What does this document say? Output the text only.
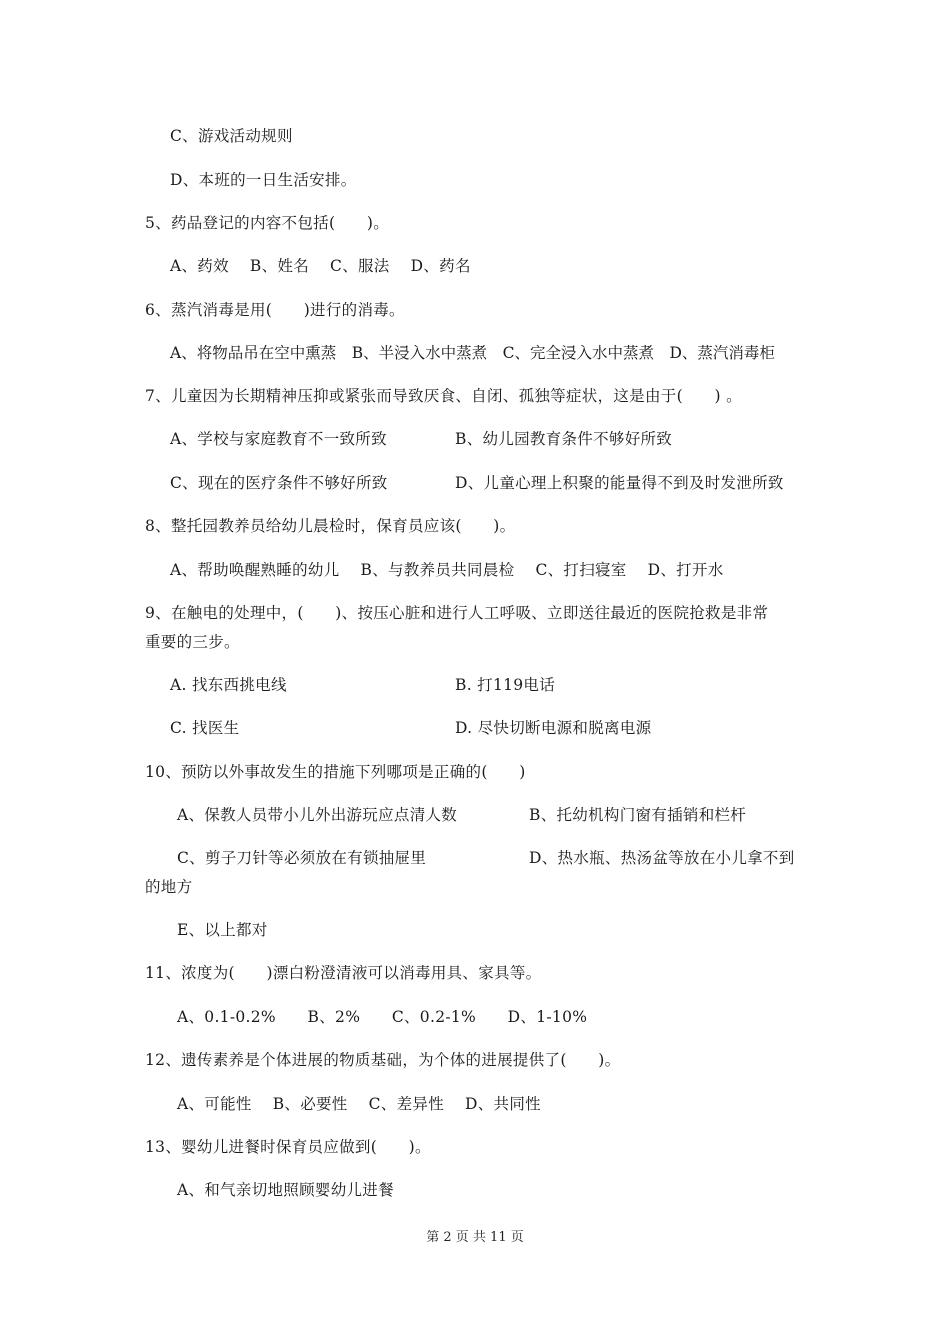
C、游戏活动规则
D、本班的一日生活安排。
5、药品登记的内容不包括(　　)。
A、药效　 B、姓名　 C、服法　 D、药名
6、蒸汽消毒是用(　　)进行的消毒。
A、将物品吊在空中熏蒸　B、半浸入水中蒸煮　C、完全浸入水中蒸煮　D、蒸汽消毒柜
7、儿童因为长期精神压抑或紧张而导致厌食、自闭、孤独等症状，这是由于(　　) 。
A、学校与家庭教育不一致所致	B、幼儿园教育条件不够好所致
C、现在的医疗条件不够好所致	D、儿童心理上积聚的能量得不到及时发泄所致
8、整托园教养员给幼儿晨检时，保育员应该(　　)。
A、帮助唤醒熟睡的幼儿　 B、与教养员共同晨检　 C、打扫寝室　 D、打开水
9、在触电的处理中，(　　)、按压心脏和进行人工呼吸、立即送往最近的医院抢救是非常
重要的三步。
A. 找东西挑电线	B. 打119电话
C. 找医生	D. 尽快切断电源和脱离电源
10、预防以外事故发生的措施下列哪项是正确的(　　)
A、保教人员带小儿外出游玩应点清人数	B、托幼机构门窗有插销和栏杆
C、剪子刀针等必须放在有锁抽屉里	D、热水瓶、热汤盆等放在小儿拿不到
的地方
E、以上都对
11、浓度为(　　)漂白粉澄清液可以消毒用具、家具等。
A、0.1-0.2%　　B、2%　　C、0.2-1%　　D、1-10%
12、遗传素养是个体进展的物质基础，为个体的进展提供了(　　)。
A、可能性　 B、必要性　 C、差异性　 D、共同性
13、婴幼儿进餐时保育员应做到(　　)。
A、和气亲切地照顾婴幼儿进餐
第 2 页 共 11 页
